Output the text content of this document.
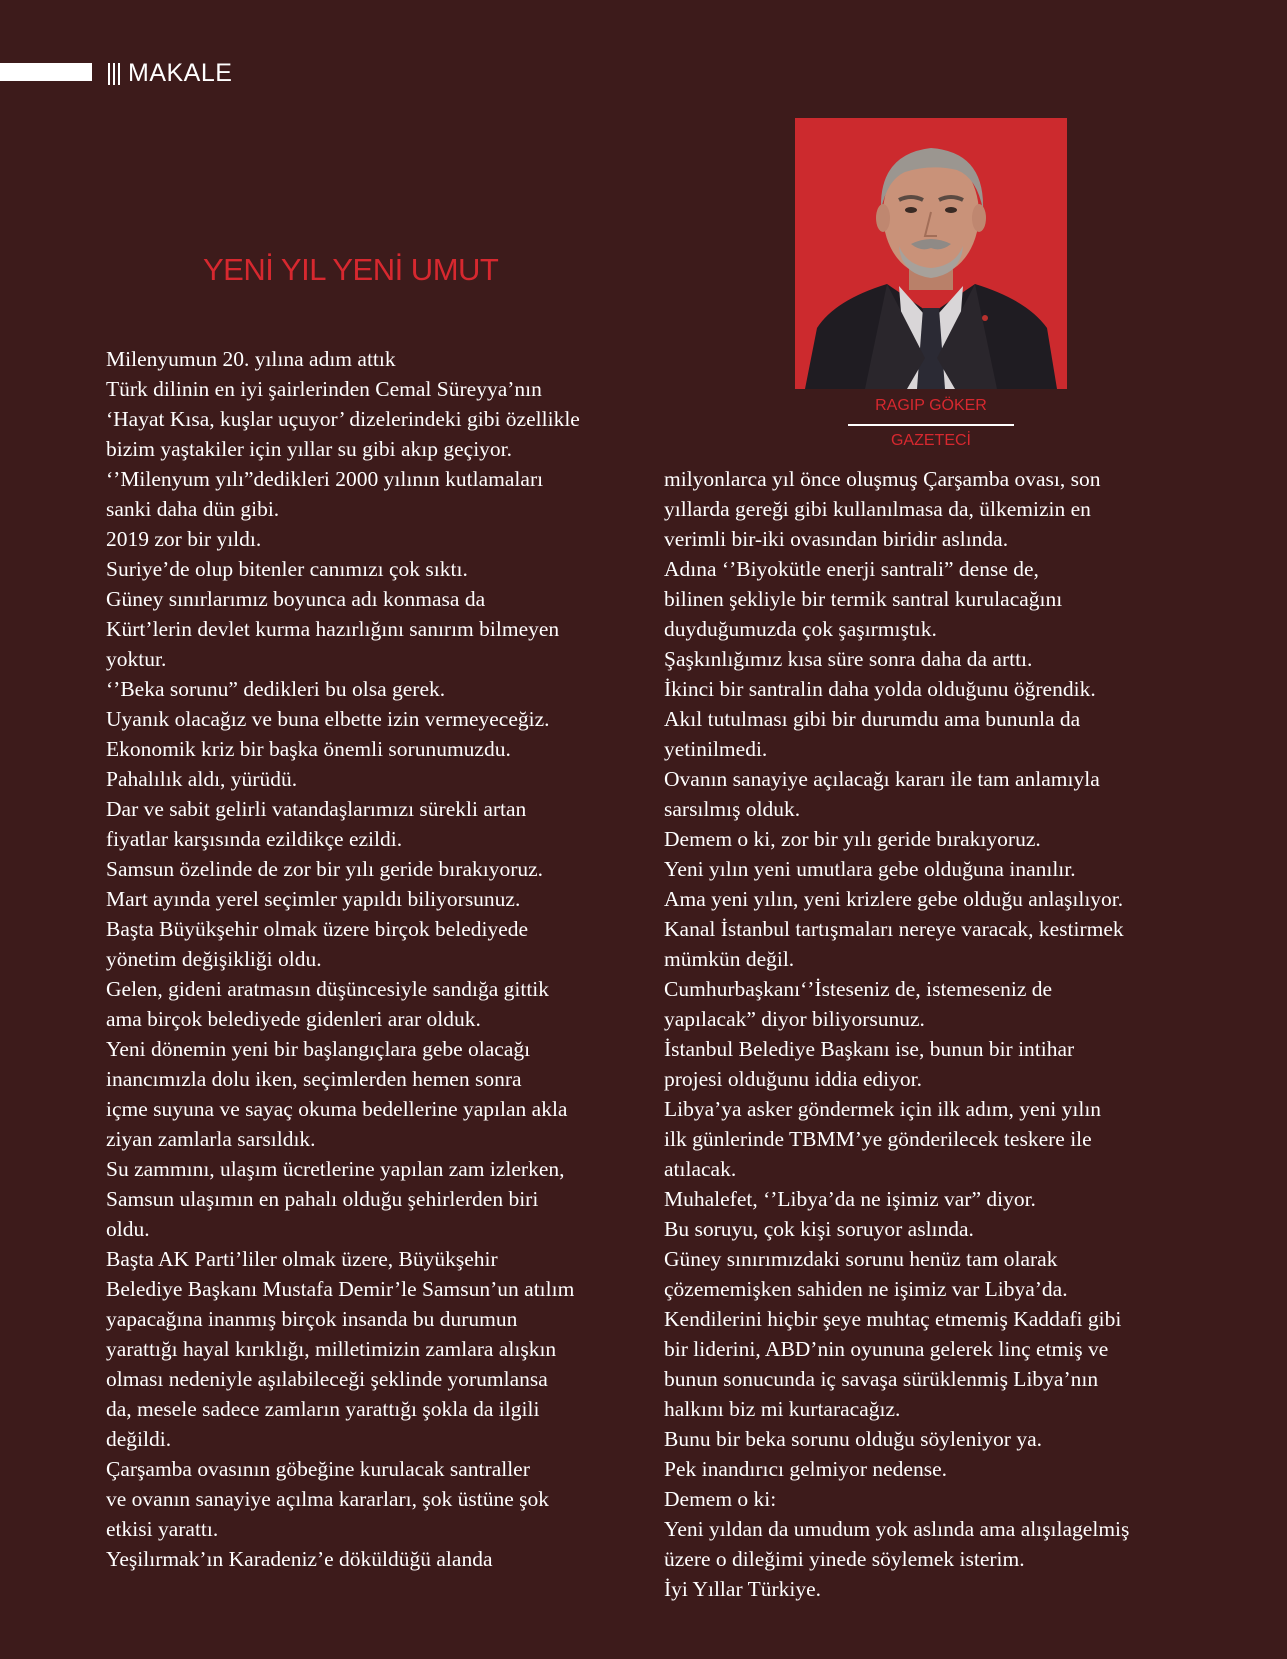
MAKALE
YENİ YIL YENİ UMUT
RAGIP GÖKER
GAZETECİ
Milenyumun 20. yılına adım attık
Türk dilinin en iyi şairlerinden Cemal Süreyya’nın
‘Hayat Kısa, kuşlar uçuyor’ dizelerindeki gibi özellikle
bizim yaştakiler için yıllar su gibi akıp geçiyor.
‘’Milenyum yılı”dedikleri 2000 yılının kutlamaları
sanki daha dün gibi.
2019 zor bir yıldı.
Suriye’de olup bitenler canımızı çok sıktı.
Güney sınırlarımız boyunca adı konmasa da
Kürt’lerin devlet kurma hazırlığını sanırım bilmeyen
yoktur.
‘’Beka sorunu” dedikleri bu olsa gerek.
Uyanık olacağız ve buna elbette izin vermeyeceğiz.
Ekonomik kriz bir başka önemli sorunumuzdu.
Pahalılık aldı, yürüdü.
Dar ve sabit gelirli vatandaşlarımızı sürekli artan
fiyatlar karşısında ezildikçe ezildi.
Samsun özelinde de zor bir yılı geride bırakıyoruz.
Mart ayında yerel seçimler yapıldı biliyorsunuz.
Başta Büyükşehir olmak üzere birçok belediyede
yönetim değişikliği oldu.
Gelen, gideni aratmasın düşüncesiyle sandığa gittik
ama birçok belediyede gidenleri arar olduk.
Yeni dönemin yeni bir başlangıçlara gebe olacağı
inancımızla dolu iken, seçimlerden hemen sonra
içme suyuna ve sayaç okuma bedellerine yapılan akla
ziyan zamlarla sarsıldık.
Su zammını, ulaşım ücretlerine yapılan zam izlerken,
Samsun ulaşımın en pahalı olduğu şehirlerden biri
oldu.
Başta AK Parti’liler olmak üzere, Büyükşehir
Belediye Başkanı Mustafa Demir’le Samsun’un atılım
yapacağına inanmış birçok insanda bu durumun
yarattığı hayal kırıklığı, milletimizin zamlara alışkın
olması nedeniyle aşılabileceği şeklinde yorumlansa
da, mesele sadece zamların yarattığı şokla da ilgili
değildi.
Çarşamba ovasının göbeğine kurulacak santraller
ve ovanın sanayiye açılma kararları, şok üstüne şok
etkisi yarattı.
Yeşilırmak’ın Karadeniz’e döküldüğü alanda
milyonlarca yıl önce oluşmuş Çarşamba ovası, son
yıllarda gereği gibi kullanılmasa da, ülkemizin en
verimli bir-iki ovasından biridir aslında.
Adına ‘’Biyokütle enerji santrali” dense de,
bilinen şekliyle bir termik santral kurulacağını
duyduğumuzda çok şaşırmıştık.
Şaşkınlığımız kısa süre sonra daha da arttı.
İkinci bir santralin daha yolda olduğunu öğrendik.
Akıl tutulması gibi bir durumdu ama bununla da
yetinilmedi.
Ovanın sanayiye açılacağı kararı ile tam anlamıyla
sarsılmış olduk.
Demem o ki, zor bir yılı geride bırakıyoruz.
Yeni yılın yeni umutlara gebe olduğuna inanılır.
Ama yeni yılın, yeni krizlere gebe olduğu anlaşılıyor.
Kanal İstanbul tartışmaları nereye varacak, kestirmek
mümkün değil.
Cumhurbaşkanı‘’İsteseniz de, istemeseniz de
yapılacak” diyor biliyorsunuz.
İstanbul Belediye Başkanı ise, bunun bir intihar
projesi olduğunu iddia ediyor.
Libya’ya asker göndermek için ilk adım, yeni yılın
ilk günlerinde TBMM’ye gönderilecek teskere ile
atılacak.
Muhalefet, ‘’Libya’da ne işimiz var” diyor.
Bu soruyu, çok kişi soruyor aslında.
Güney sınırımızdaki sorunu henüz tam olarak
çözememişken sahiden ne işimiz var Libya’da.
Kendilerini hiçbir şeye muhtaç etmemiş Kaddafi gibi
bir liderini, ABD’nin oyununa gelerek linç etmiş ve
bunun sonucunda iç savaşa sürüklenmiş Libya’nın
halkını biz mi kurtaracağız.
Bunu bir beka sorunu olduğu söyleniyor ya.
Pek inandırıcı gelmiyor nedense.
Demem o ki:
Yeni yıldan da umudum yok aslında ama alışılagelmiş
üzere o dileğimi yinede söylemek isterim.
İyi Yıllar Türkiye.
